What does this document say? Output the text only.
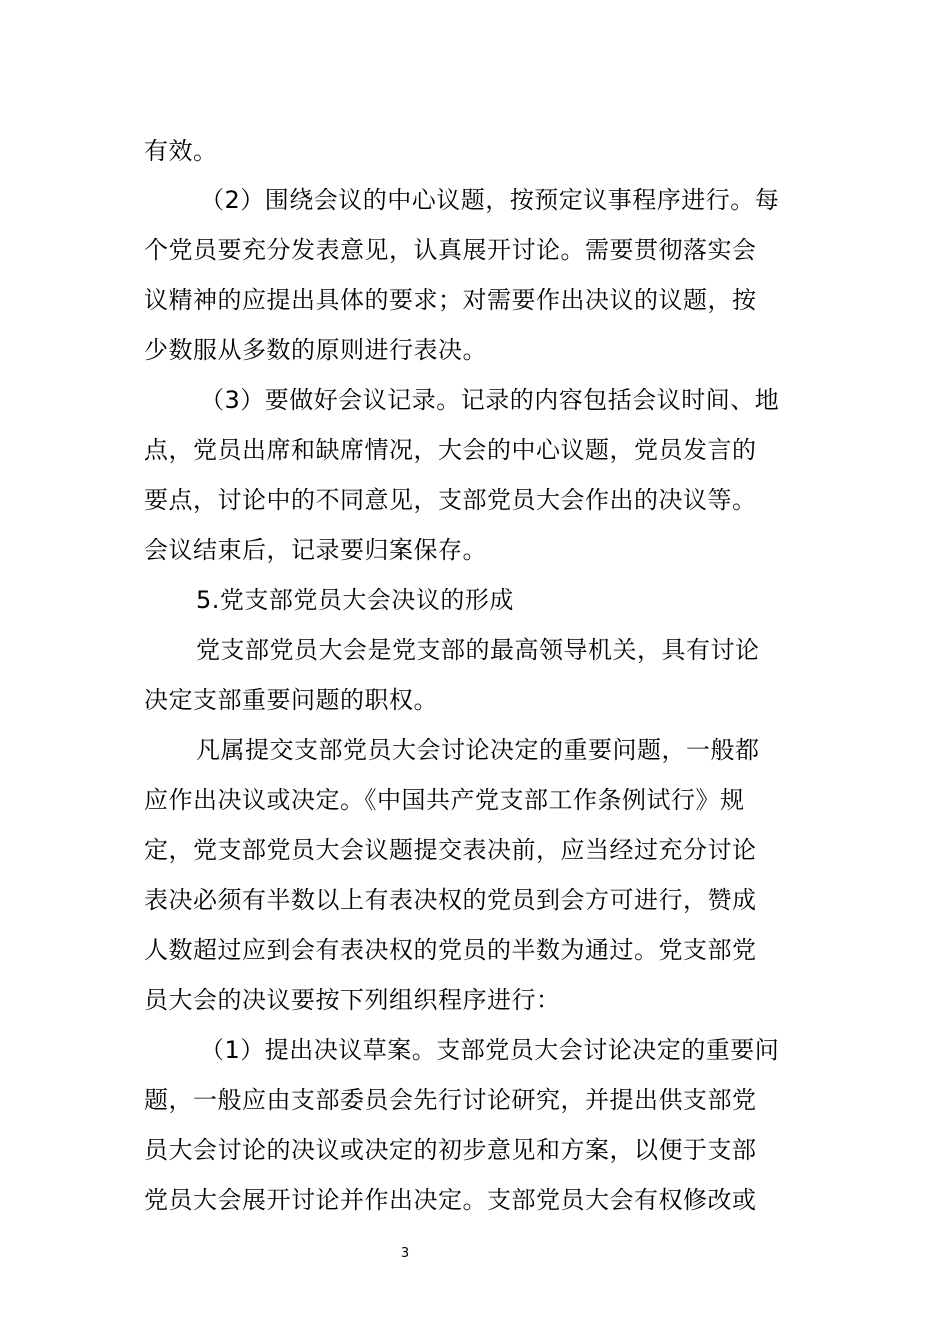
有效。

（2）围绕会议的中心议题，按预定议事程序进行。每

个党员要充分发表意见，认真展开讨论。需要贯彻落实会

议精神的应提出具体的要求；对需要作出决议的议题，按

少数服从多数的原则进行表决。

（3）要做好会议记录。记录的内容包括会议时间、地

点，党员出席和缺席情况，大会的中心议题，党员发言的

要点，讨论中的不同意见，支部党员大会作出的决议等。

会议结束后，记录要归案保存。

5.党支部党员大会决议的形成

党支部党员大会是党支部的最高领导机关，具有讨论

决定支部重要问题的职权。

凡属提交支部党员大会讨论决定的重要问题，一般都

应作出决议或决定。《中国共产党支部工作条例试行》规

定，党支部党员大会议题提交表决前，应当经过充分讨论

表决必须有半数以上有表决权的党员到会方可进行，赞成

人数超过应到会有表决权的党员的半数为通过。党支部党

员大会的决议要按下列组织程序进行：

（1）提出决议草案。支部党员大会讨论决定的重要问

题，一般应由支部委员会先行讨论研究，并提出供支部党

员大会讨论的决议或决定的初步意见和方案，以便于支部

党员大会展开讨论并作出决定。支部党员大会有权修改或

3
